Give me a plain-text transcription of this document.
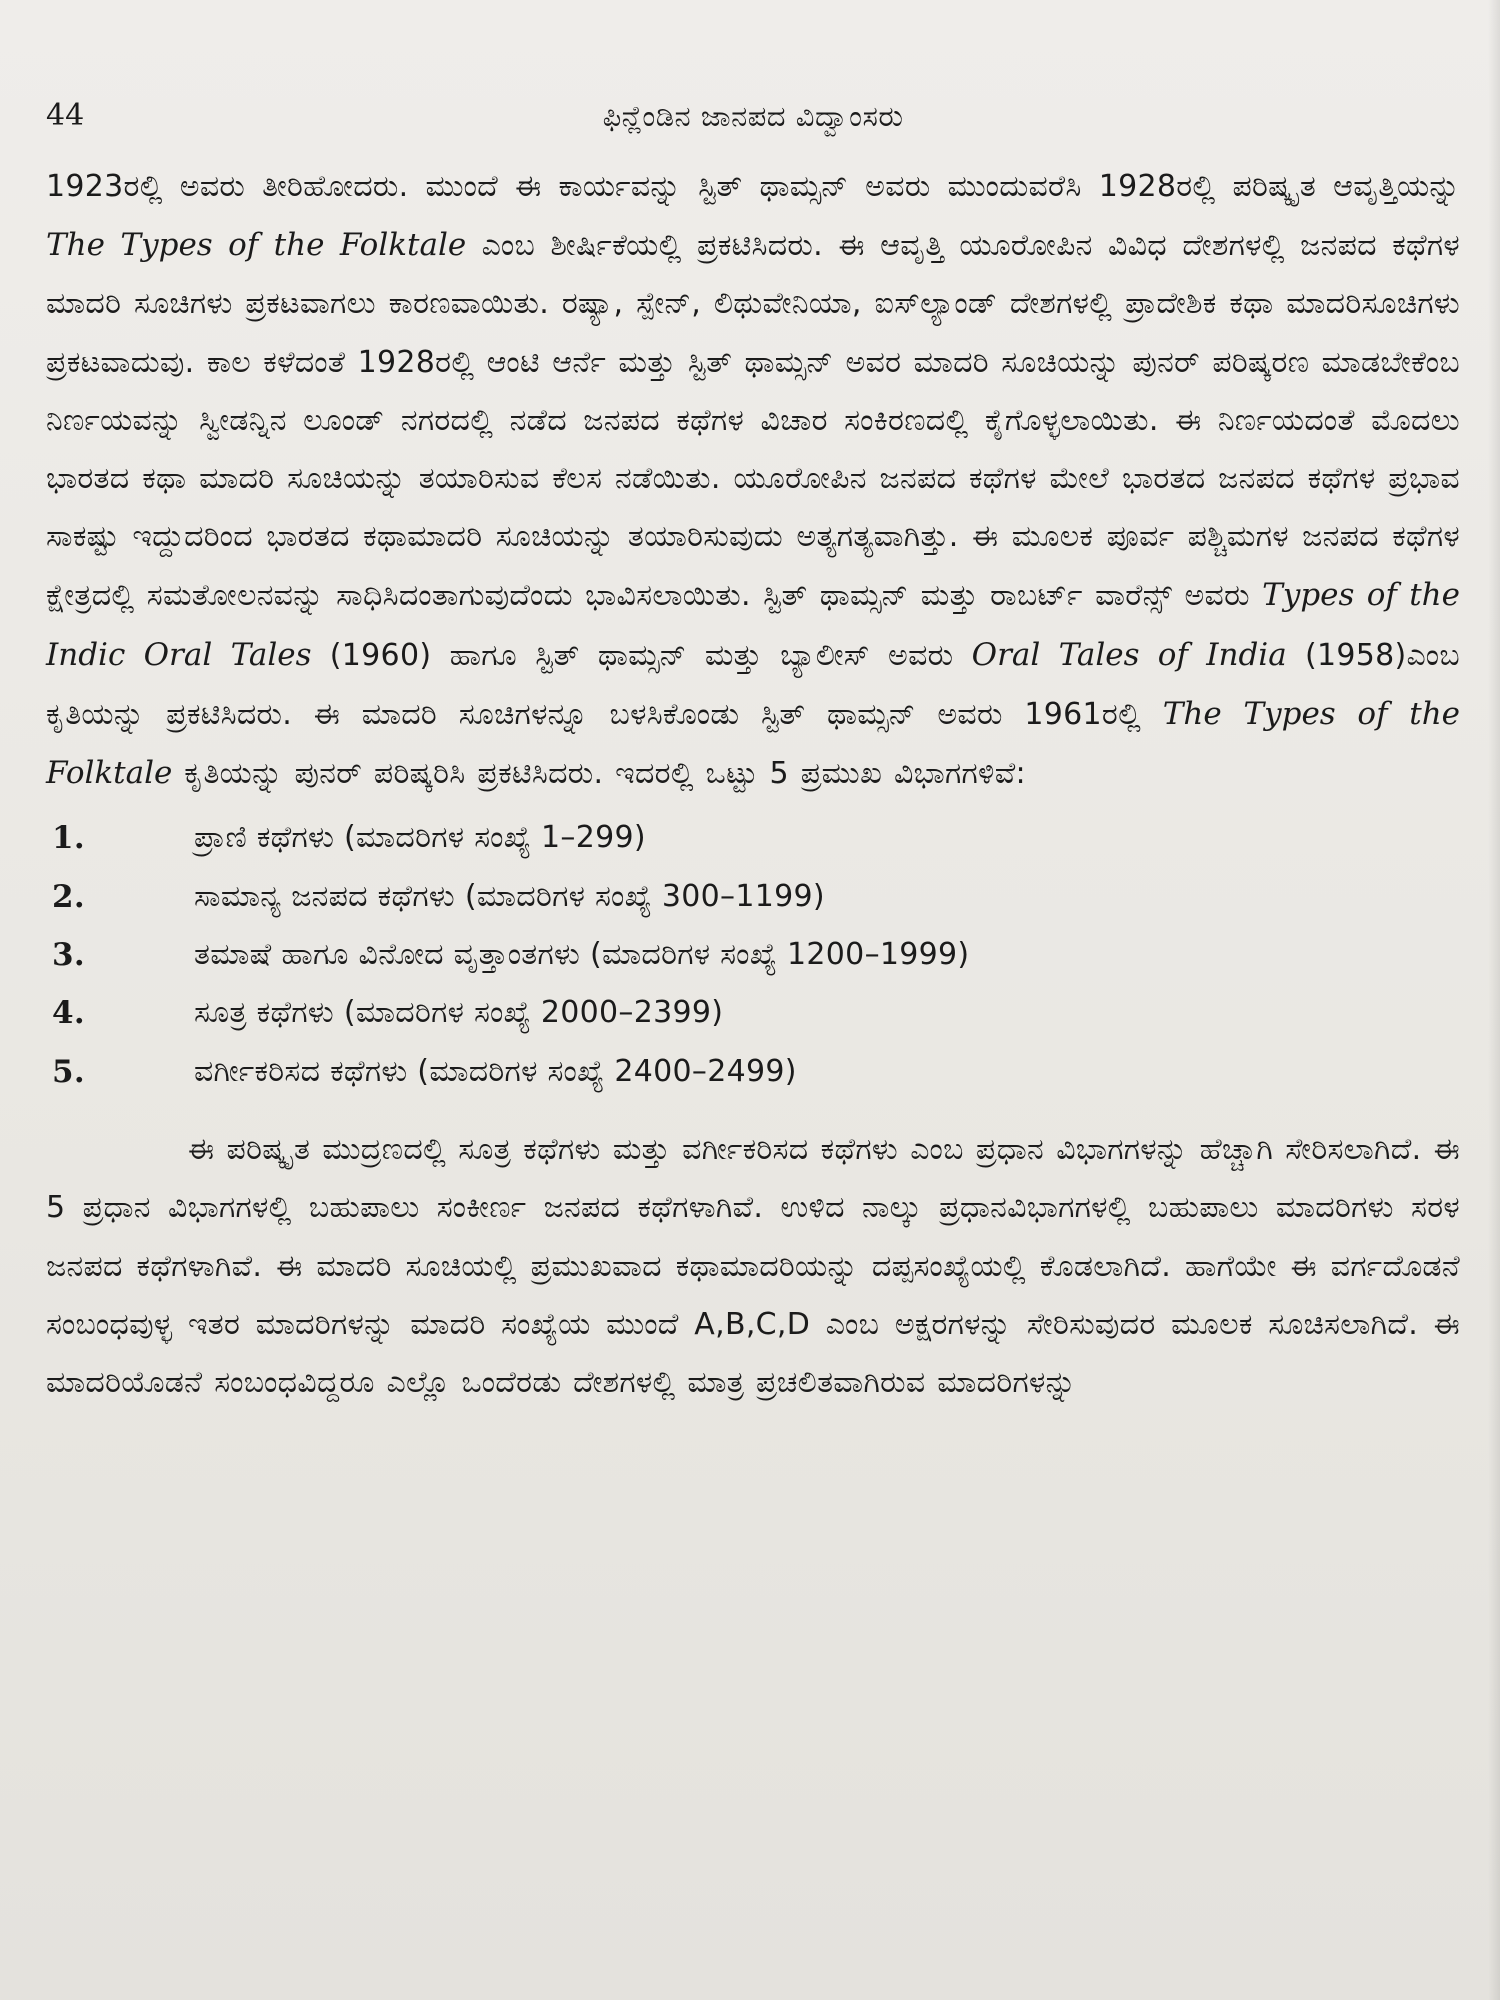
44	ಫಿನ್ಲೆಂಡಿನ ಜಾನಪದ ವಿದ್ವಾಂಸರು

1923ರಲ್ಲಿ ಅವರು ತೀರಿಹೋದರು. ಮುಂದೆ ಈ ಕಾರ್ಯವನ್ನು ಸ್ಟಿತ್ ಥಾಮ್ಸನ್ ಅವರು ಮುಂದುವರೆಸಿ 1928ರಲ್ಲಿ ಪರಿಷ್ಕೃತ ಆವೃತ್ತಿಯನ್ನು The Types of the Folktale ಎಂಬ ಶೀರ್ಷಿಕೆಯಲ್ಲಿ ಪ್ರಕಟಿಸಿದರು. ಈ ಆವೃತ್ತಿ ಯೂರೋಪಿನ ವಿವಿಧ ದೇಶಗಳಲ್ಲಿ ಜನಪದ ಕಥೆಗಳ ಮಾದರಿ ಸೂಚಿಗಳು ಪ್ರಕಟವಾಗಲು ಕಾರಣವಾಯಿತು. ರಷ್ಯಾ, ಸ್ಪೇನ್, ಲಿಥುವೇನಿಯಾ, ಐಸ್‌ಲ್ಯಾಂಡ್ ದೇಶಗಳಲ್ಲಿ ಪ್ರಾದೇಶಿಕ ಕಥಾ ಮಾದರಿಸೂಚಿಗಳು ಪ್ರಕಟವಾದುವು. ಕಾಲ ಕಳೆದಂತೆ 1928ರಲ್ಲಿ ಆಂಟಿ ಆರ್ನೆ ಮತ್ತು ಸ್ಟಿತ್ ಥಾಮ್ಸನ್ ಅವರ ಮಾದರಿ ಸೂಚಿಯನ್ನು ಪುನರ್ ಪರಿಷ್ಕರಣ ಮಾಡಬೇಕೆಂಬ ನಿರ್ಣಯವನ್ನು ಸ್ವೀಡನ್ನಿನ ಲೂಂಡ್ ನಗರದಲ್ಲಿ ನಡೆದ ಜನಪದ ಕಥೆಗಳ ವಿಚಾರ ಸಂಕಿರಣದಲ್ಲಿ ಕೈಗೊಳ್ಳಲಾಯಿತು. ಈ ನಿರ್ಣಯದಂತೆ ಮೊದಲು ಭಾರತದ ಕಥಾ ಮಾದರಿ ಸೂಚಿಯನ್ನು ತಯಾರಿಸುವ ಕೆಲಸ ನಡೆಯಿತು. ಯೂರೋಪಿನ ಜನಪದ ಕಥೆಗಳ ಮೇಲೆ ಭಾರತದ ಜನಪದ ಕಥೆಗಳ ಪ್ರಭಾವ ಸಾಕಷ್ಟು ಇದ್ದುದರಿಂದ ಭಾರತದ ಕಥಾಮಾದರಿ ಸೂಚಿಯನ್ನು ತಯಾರಿಸುವುದು ಅತ್ಯಗತ್ಯವಾಗಿತ್ತು. ಈ ಮೂಲಕ ಪೂರ್ವ ಪಶ್ಚಿಮಗಳ ಜನಪದ ಕಥೆಗಳ ಕ್ಷೇತ್ರದಲ್ಲಿ ಸಮತೋಲನವನ್ನು ಸಾಧಿಸಿದಂತಾಗುವುದೆಂದು ಭಾವಿಸಲಾಯಿತು. ಸ್ಟಿತ್ ಥಾಮ್ಸನ್ ಮತ್ತು ರಾಬರ್ಟ್ ವಾರೆನ್ಸ್ ಅವರು Types of the Indic Oral Tales (1960) ಹಾಗೂ ಸ್ಟಿತ್ ಥಾಮ್ಸನ್ ಮತ್ತು ಬ್ಯಾಲೀಸ್ ಅವರು Oral Tales of India (1958)ಎಂಬ ಕೃತಿಯನ್ನು ಪ್ರಕಟಿಸಿದರು. ಈ ಮಾದರಿ ಸೂಚಿಗಳನ್ನೂ ಬಳಸಿಕೊಂಡು ಸ್ಟಿತ್ ಥಾಮ್ಸನ್ ಅವರು 1961ರಲ್ಲಿ The Types of the Folktale ಕೃತಿಯನ್ನು ಪುನರ್ ಪರಿಷ್ಕರಿಸಿ ಪ್ರಕಟಿಸಿದರು. ಇದರಲ್ಲಿ ಒಟ್ಟು 5 ಪ್ರಮುಖ ವಿಭಾಗಗಳಿವೆ:

1.	ಪ್ರಾಣಿ ಕಥೆಗಳು (ಮಾದರಿಗಳ ಸಂಖ್ಯೆ 1–299)
2.	ಸಾಮಾನ್ಯ ಜನಪದ ಕಥೆಗಳು (ಮಾದರಿಗಳ ಸಂಖ್ಯೆ 300–1199)
3.	ತಮಾಷೆ ಹಾಗೂ ವಿನೋದ ವೃತ್ತಾಂತಗಳು (ಮಾದರಿಗಳ ಸಂಖ್ಯೆ 1200–1999)
4.	ಸೂತ್ರ ಕಥೆಗಳು (ಮಾದರಿಗಳ ಸಂಖ್ಯೆ 2000–2399)
5.	ವರ್ಗೀಕರಿಸದ ಕಥೆಗಳು (ಮಾದರಿಗಳ ಸಂಖ್ಯೆ 2400–2499)

ಈ ಪರಿಷ್ಕೃತ ಮುದ್ರಣದಲ್ಲಿ ಸೂತ್ರ ಕಥೆಗಳು ಮತ್ತು ವರ್ಗೀಕರಿಸದ ಕಥೆಗಳು ಎಂಬ ಪ್ರಧಾನ ವಿಭಾಗಗಳನ್ನು ಹೆಚ್ಚಾಗಿ ಸೇರಿಸಲಾಗಿದೆ. ಈ 5 ಪ್ರಧಾನ ವಿಭಾಗಗಳಲ್ಲಿ ಬಹುಪಾಲು ಸಂಕೀರ್ಣ ಜನಪದ ಕಥೆಗಳಾಗಿವೆ. ಉಳಿದ ನಾಲ್ಕು ಪ್ರಧಾನವಿಭಾಗಗಳಲ್ಲಿ ಬಹುಪಾಲು ಮಾದರಿಗಳು ಸರಳ ಜನಪದ ಕಥೆಗಳಾಗಿವೆ. ಈ ಮಾದರಿ ಸೂಚಿಯಲ್ಲಿ ಪ್ರಮುಖವಾದ ಕಥಾಮಾದರಿಯನ್ನು ದಪ್ಪಸಂಖ್ಯೆಯಲ್ಲಿ ಕೊಡಲಾಗಿದೆ. ಹಾಗೆಯೇ ಈ ವರ್ಗದೊಡನೆ ಸಂಬಂಧವುಳ್ಳ ಇತರ ಮಾದರಿಗಳನ್ನು ಮಾದರಿ ಸಂಖ್ಯೆಯ ಮುಂದೆ A,B,C,D ಎಂಬ ಅಕ್ಷರಗಳನ್ನು ಸೇರಿಸುವುದರ ಮೂಲಕ ಸೂಚಿಸಲಾಗಿದೆ. ಈ ಮಾದರಿಯೊಡನೆ ಸಂಬಂಧವಿದ್ದರೂ ಎಲ್ಲೊ ಒಂದೆರಡು ದೇಶಗಳಲ್ಲಿ ಮಾತ್ರ ಪ್ರಚಲಿತವಾಗಿರುವ ಮಾದರಿಗಳನ್ನು
